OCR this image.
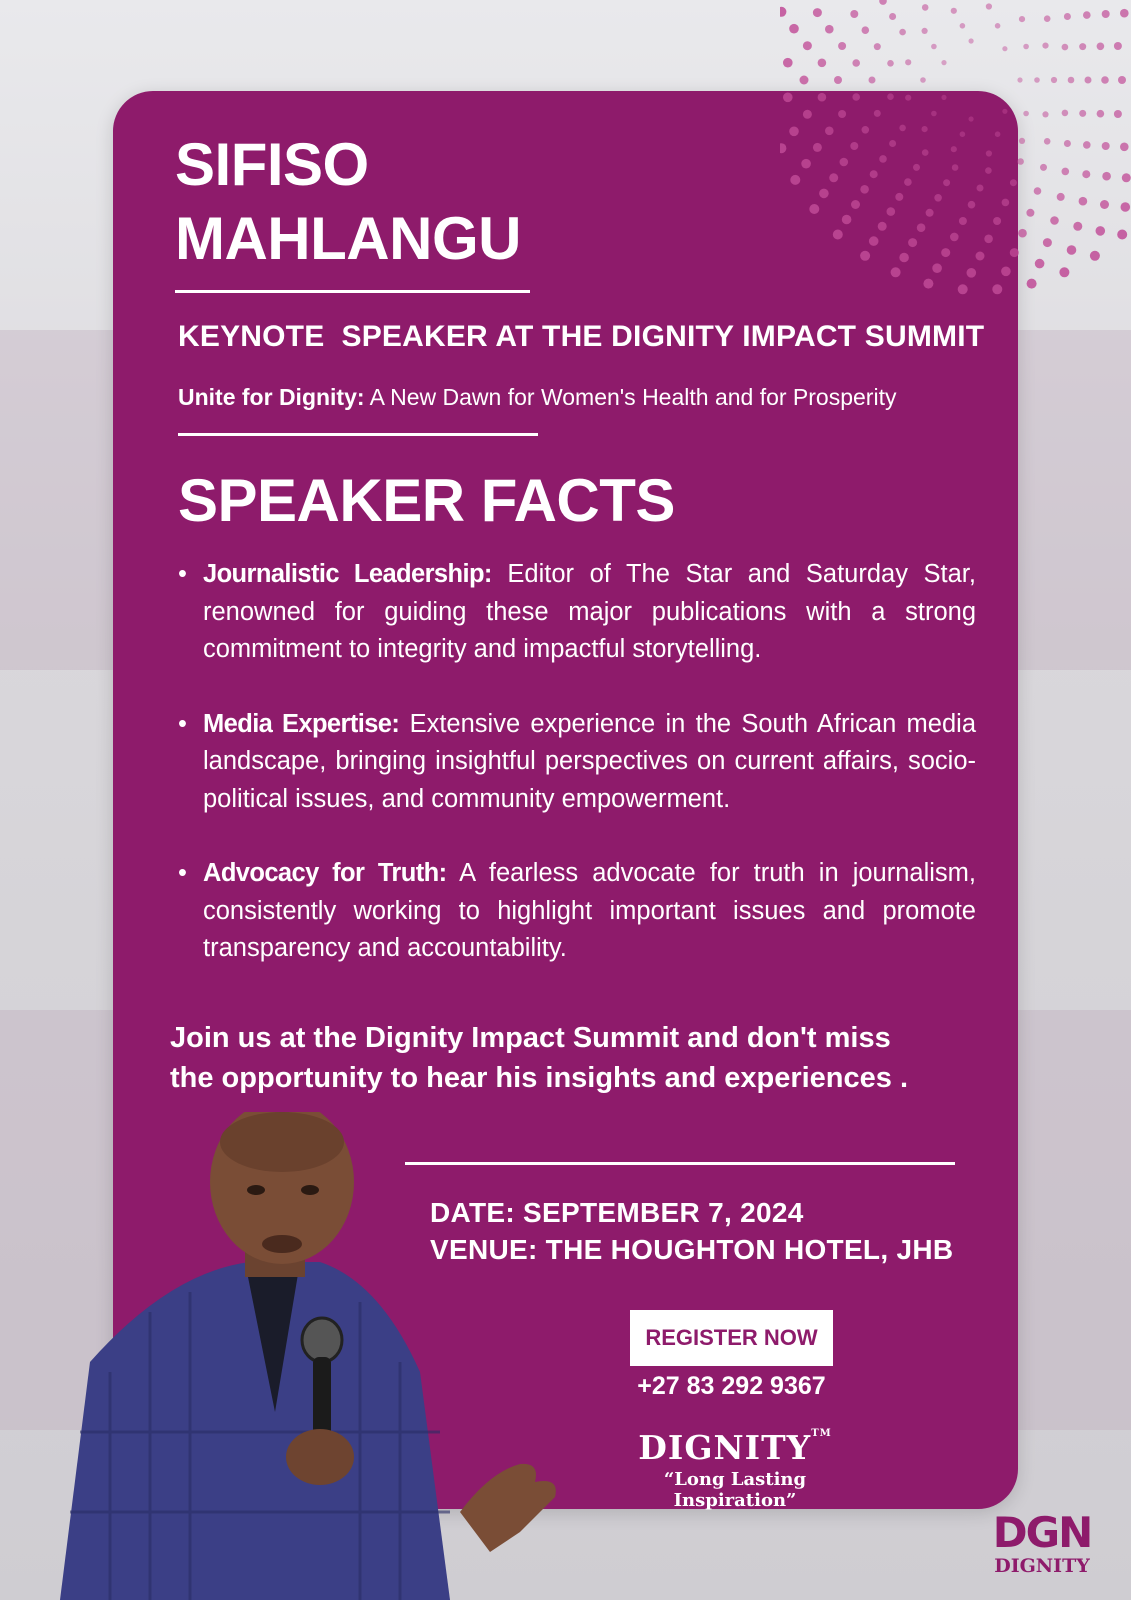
SIFISO
MAHLANGU
KEYNOTE  SPEAKER AT THE DIGNITY IMPACT SUMMIT
Unite for Dignity: A New Dawn for Women's Health and for Prosperity
SPEAKER FACTS
• Journalistic Leadership: Editor of The Star and Saturday Star, renowned for guiding these major publications with a strong commitment to integrity and impactful storytelling.
• Media Expertise: Extensive experience in the South African media landscape, bringing insightful perspectives on current affairs, socio-political issues, and community empowerment.
• Advocacy for Truth: A fearless advocate for truth in journalism, consistently working to highlight important issues and promote transparency and accountability.
Join us at the Dignity Impact Summit and don't miss
the opportunity to hear his insights and experiences .
DATE: SEPTEMBER 7, 2024
VENUE: THE HOUGHTON HOTEL, JHB
REGISTER NOW
+27 83 292 9367
DIGNITY™
“Long Lasting Inspiration”
DGN
DIGNITY
